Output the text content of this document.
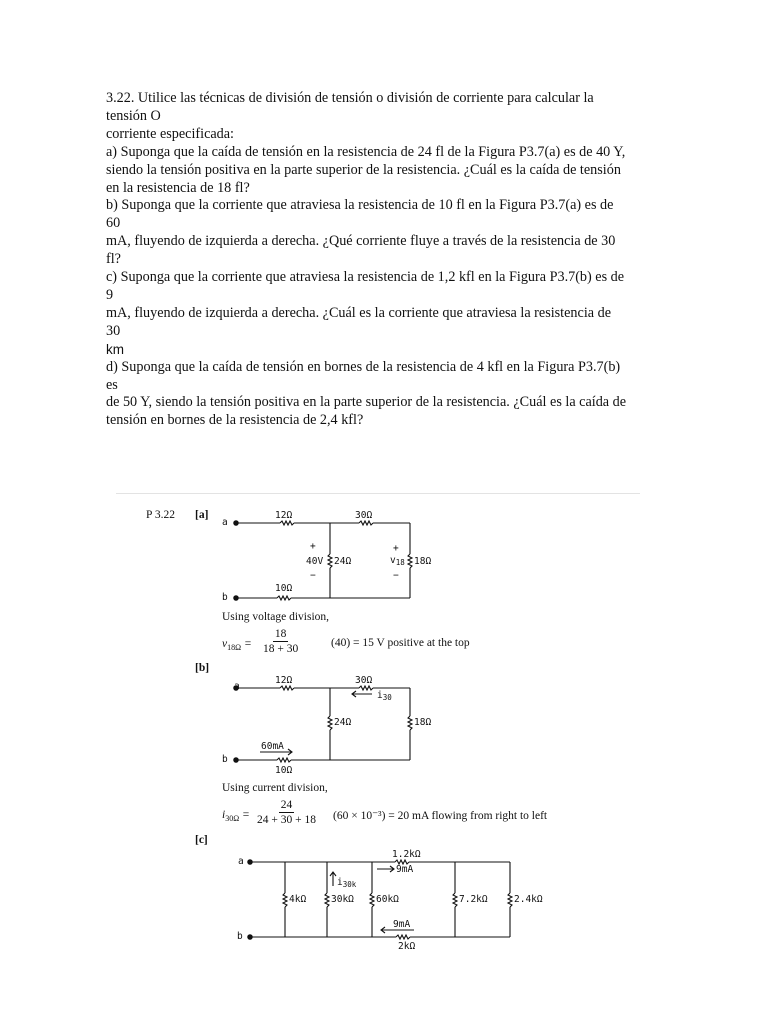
3.22. Utilice las técnicas de división de tensión o división de corriente para calcular la
tensión O
corriente especificada:
a) Suponga que la caída de tensión en la resistencia de 24 fl de la Figura P3.7(a) es de 40 Y,
siendo la tensión positiva en la parte superior de la resistencia. ¿Cuál es la caída de tensión
en la resistencia de 18 fl?
b) Suponga que la corriente que atraviesa la resistencia de 10 fl en la Figura P3.7(a) es de
60
mA, fluyendo de izquierda a derecha. ¿Qué corriente fluye a través de la resistencia de 30
fl?
c) Suponga que la corriente que atraviesa la resistencia de 1,2 kfl en la Figura P3.7(b) es de
9
mA, fluyendo de izquierda a derecha. ¿Cuál es la corriente que atraviesa la resistencia de
30
km
d) Suponga que la caída de tensión en bornes de la resistencia de 4 kfl en la Figura P3.7(b)
es
de 50 Y, siendo la tensión positiva en la parte superior de la resistencia. ¿Cuál es la caída de
tensión en bornes de la resistencia de 2,4 kfl?
P 3.22 [a]
a
b
12Ω	30Ω
10Ω
+
40V
−
24Ω
+
$v_{18}$
−
18Ω
Using voltage division,
$v_{18\Omega} = \frac{18}{18 + 30}$	(40) = 15 V positive at the top
[b]
a
b
12Ω	30Ω
$i_{30}$
24Ω	18Ω
60mA
10Ω
Using current division,
$i_{30\Omega} = \frac{24}{24 + 30 + 18} (60 \times 10^{-3}) = 20$ mA flowing from right to left
[c]
a
b
1.2kΩ
9mA
4kΩ
$i_{30k}$
30kΩ 60kΩ	7.2kΩ	2.4kΩ
9mA
2kΩ
